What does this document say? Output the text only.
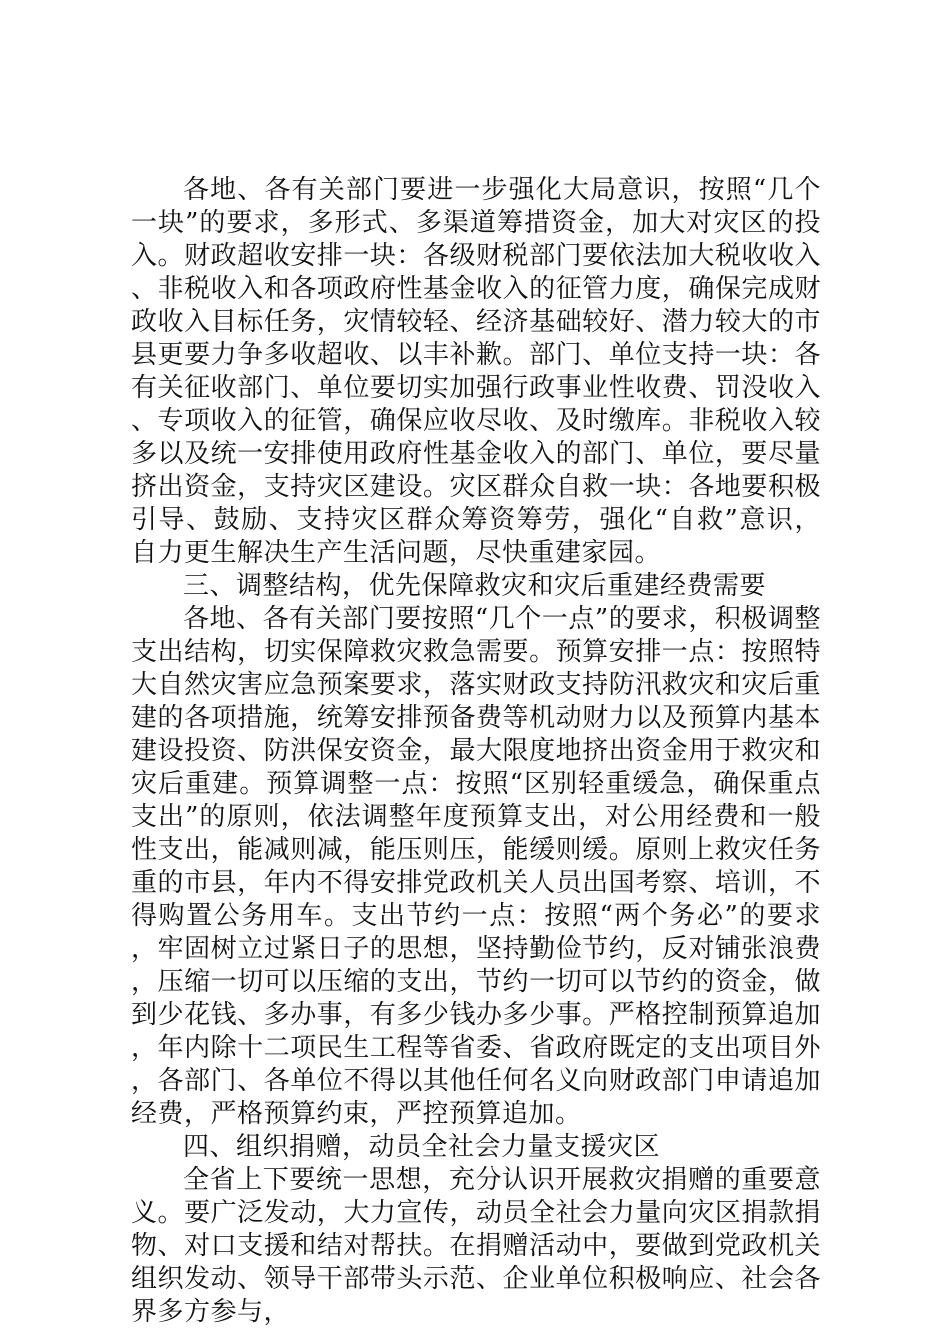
各地、各有关部门要进一步强化大局意识，按照“几个一块”的要求，多形式、多渠道筹措资金，加大对灾区的投入。财政超收安排一块：各级财税部门要依法加大税收收入、非税收入和各项政府性基金收入的征管力度，确保完成财政收入目标任务，灾情较轻、经济基础较好、潜力较大的市县更要力争多收超收、以丰补歉。部门、单位支持一块：各有关征收部门、单位要切实加强行政事业性收费、罚没收入、专项收入的征管，确保应收尽收、及时缴库。非税收入较多以及统一安排使用政府性基金收入的部门、单位，要尽量挤出资金，支持灾区建设。灾区群众自救一块：各地要积极引导、鼓励、支持灾区群众筹资筹劳，强化“自救”意识，自力更生解决生产生活问题，尽快重建家园。

三、调整结构，优先保障救灾和灾后重建经费需要

各地、各有关部门要按照“几个一点”的要求，积极调整支出结构，切实保障救灾救急需要。预算安排一点：按照特大自然灾害应急预案要求，落实财政支持防汛救灾和灾后重建的各项措施，统筹安排预备费等机动财力以及预算内基本建设投资、防洪保安资金，最大限度地挤出资金用于救灾和灾后重建。预算调整一点：按照“区别轻重缓急，确保重点支出”的原则，依法调整年度预算支出，对公用经费和一般性支出，能减则减，能压则压，能缓则缓。原则上救灾任务重的市县，年内不得安排党政机关人员出国考察、培训，不得购置公务用车。支出节约一点：按照“两个务必”的要求，牢固树立过紧日子的思想，坚持勤俭节约，反对铺张浪费，压缩一切可以压缩的支出，节约一切可以节约的资金，做到少花钱、多办事，有多少钱办多少事。严格控制预算追加，年内除十二项民生工程等省委、省政府既定的支出项目外，各部门、各单位不得以其他任何名义向财政部门申请追加经费，严格预算约束，严控预算追加。

四、组织捐赠，动员全社会力量支援灾区

全省上下要统一思想，充分认识开展救灾捐赠的重要意义。要广泛发动，大力宣传，动员全社会力量向灾区捐款捐物、对口支援和结对帮扶。在捐赠活动中，要做到党政机关组织发动、领导干部带头示范、企业单位积极响应、社会各界多方参与，
